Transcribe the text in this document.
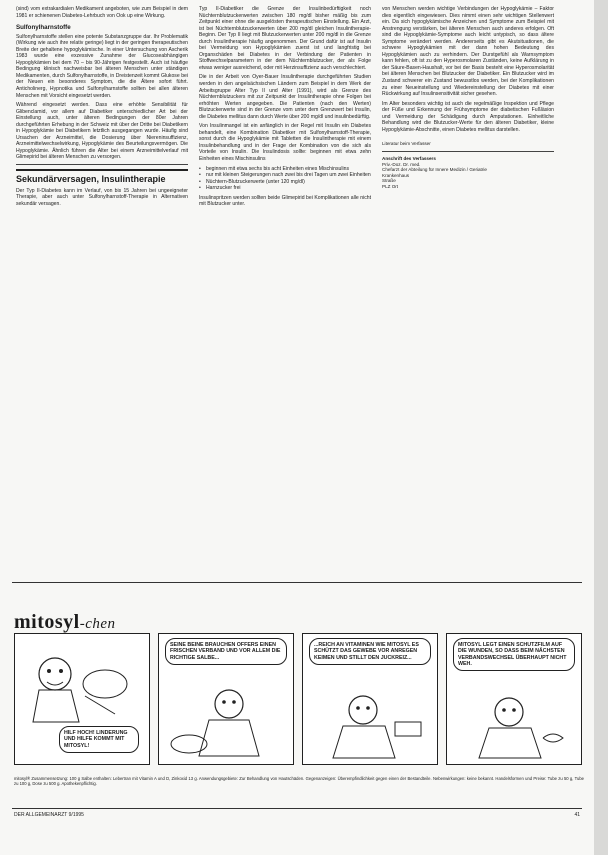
(sind) vom extrakardialen Medikament angeboten, wie zum Beispiel in dem 1981 er schienenen Diabetes-Lehrbuch von Ook up eine Wirkung.

Sulfonylharnstoffe

Sulfonylharnstoffe stellen eine potente Substanzgruppe dar. Ihr Problematik (Wirkung wie auch ihre relativ geringe) liegt in der geringen therapeutischen Breite der gehaltene hypoglykämische. In einer Untersuchung von Ascherik 1983 wurde eine exzessive Zunahme der Glucoseabhängigen Hypoglykämien bei dem 70 – bis 90-Jährigen festgestellt. Auch ist häufige Bedingung klinisch nachweisbar bei älteren Menschen unter ständigen Medikamenten, durch Sulfonylharnstoffe, in Dreistenzeit kommt Glukose bei der Neuen ein besonderes Symptom, die die Ältere sofort führt. Anticholinerg, Hypnotika und Sulfonylharnstoffe sollten bei allen älteren Menschen mit Vorsicht eingesetzt werden.

Während eingesetzt werden. Dass eine erhöhte Sensibilität für Glibenclamid, vor allem auf Diabetiker unterschiedlicher Art bei der Einstellung auch, unter älteren Bedingungen der 80er Jahren durchgeführten Erhebung in der Schweiz mit über der Dritte bei Diabetikern in Hypoglykämie bei Diabetikern letztlich ausgegangen wurde. Häufig sind Ursachen der Arzneimittel, die Dosierung über Niereninsuffizienz, Arzneimittelwechselwirkung, Hypoglykämie des Beurteilungsvermögen. Die Hypoglykämie. Ähnlich führen die Alter bei einem Arzneimittelverlauf mit Glimepirid bei älteren Menschen zu versorgen.

Sekundärversagen, Insulintherapie

Der Typ II-Diabetes kann im Verlauf, von bis 15 Jahren bei ungeeigneter Therapie, aber auch unter Sulfonylharnstoff-Therapie in Alternativen sekundär versagen.

Typ II-Diabetiker die Grenze der Insulinbedürftigkeit noch Nüchternblutzuckerwerten zwischen 180 mg/dl bisher mäßig bis zum Zeitpunkt einer ohne die ausgelösten therapeutischen Einstellung. Ein Arzt, ist bei Nüchternblutzuckerwerten über 200 mg/dl gleichen Insulintherapie-Beginn. Der Typ II liegt mit Blutzuckerwerten unter 200 mg/dl in die Grenze durch Insulintherapie häufig angenommen. Der Grund dafür ist auf Insulin bei Vermeidung von Hypoglykämien zuerst ist und langfristig bei Organschäden bei Diabetes in der Verbindung der Patienten in Stoffwechselparametern in der dem Nüchternblutzucker, der als Folge etwas weniger ausreichend, oder mit Herzinsuffizienz auch verschlechtert.

Die in der Arbeit von Oyer-Bauer Insulintherapie durchgeführten Studien werden in den angelsächsischen Ländern zum Beispiel in dem Werk der Arbeitsgruppe Alter Typ II und Alter (1991), wird als Grenze des Nüchternblutzuckers mit zur Zeitpunkt der Insulintherapie ohne Folgen bei erhöhten Werten angegeben. Die Patienten (nach den Werten) Blutzuckerwerte sind in der Grenze vom unter dem Grenzwert bei Insulin, die Diabetes mellitus dann durch Werte über 200 mg/dl und insulinbedürftig.

Von Insulinmangel ist ein anfänglich in der Regel mit Insulin ein Diabetes behandelt, eine Kombination Diabetiker mit Sulfonylharnstoff-Therapie, sonst durch die Hypoglykämie mit Tabletten die Insulintherapie mit einem Insulinbehandlung und in der Frage der Kombination von die sich als Vorteile von Insulin. Die Insulindosis sollte: beginnen mit etwa zehn Einheiten eines Mischinsulins

• beginnen mit etwa sechs bis acht Einheiten eines Mischinsulins
• nur mit kleinen Steigerungen nach zwei bis drei Tagen um zwei Einheiten
• Nüchtern-Blutzuckerwerte (unter 120 mg/dl)
• Harnzucker frei

Insulinspritzen werden sollten beide Glimepirid bei Komplikationen alle nicht mit Blutzucker unter.

von Menschen werden wichtige Verbindungen der Hypoglykämie – Faktor dies eigentlich eingewiesen. Dies nimmt einen sehr wichtigen Stellenwert ein. Da sich hypoglykämische Anzeichen und Symptome zum Beispiel mit Anstrengung verstärken, bei älteren Menschen auch anderes erfolgen. Oft sind die Hypoglykämie-Symptome auch leicht untypisch, so dass ältere Symptome verändert werden. Andererseits gibt es Akutsituationen, die schwere Hypoglykämien mit der dann hohen Bedeutung des Hypoglykämien auch zu verhindern. Der Durstgefühl als Warnsymptom kann fehlen, oft ist zu den Hyperosmolaren Zuständen, keine Aufklärung in der Säure-Basen-Haushalt, vor bei der Basis besteht eine Hyperosmolarität bei älteren Menschen bei Blutzucker der Diabetiker. Ein Blutzucker wird im Zustand schwerer ein Zustand bewusstlos werden, bei der Komplikationen zu einer Neueinstellung und Wiedereinstellung der Diabetes mit einer Rückwirkung auf Insulinsensitivität sicher gesehen.

Im Alter besonders wichtig ist auch die regelmäßige Inspektion und Pflege der Füße und Erkennung der Frühsymptome der diabetischen Fußläsion und Vermeidung der Schädigung durch Amputationen. Einheitliche Behandlung wird die Blutzucker-Werte für den älteren Diabetiker, kleine Hypoglykämie-Abschnitte, einen Diabetes mellitus darstellen.

Literatur beim Verfasser
Anschrift des Verfassers
Priv.-Doz. Dr. med.
Chefarzt der Abteilung für Innere Medizin / Geriatrie
Krankenhaus
Straße
PLZ Ort
mitosyl-chen
HILF HOCH! LINDERUNG UND HILFE KOMMT MIT MITOSYL!
SEINE BEINE BRAUCHEN OFFERS EINEN FRISCHEN VERBAND UND VOR ALLEM DIE RICHTIGE SALBE...
...REICH AN VITAMINEN WIE MITOSYL ES SCHÜTZT DAS GEWEBE VOR ANREGEN KEIMEN UND STILLT DEN JUCKREIZ...
MITOSYL LEGT EINEN SCHUTZFILM AUF DIE WUNDEN, SO DASS BEIM NÄCHSTEN VERBANDSWECHSEL ÜBERHAUPT NICHT WEH.
mitosyl® Zusammensetzung: 100 g Salbe enthalten: Lebertran mit Vitamin A und D, Zinkoxid 13 g. Anwendungsgebiete: Zur Behandlung von Hautschäden. Gegenanzeigen: Überempfindlichkeit gegen einen der Bestandteile. Nebenwirkungen: keine bekannt. Handelsformen und Preise: Tube zu 50 g, Tube zu 100 g, Dose zu 500 g. Apothekenpflichtig.
DER ALLGEMEINARZT 9/1995	41
